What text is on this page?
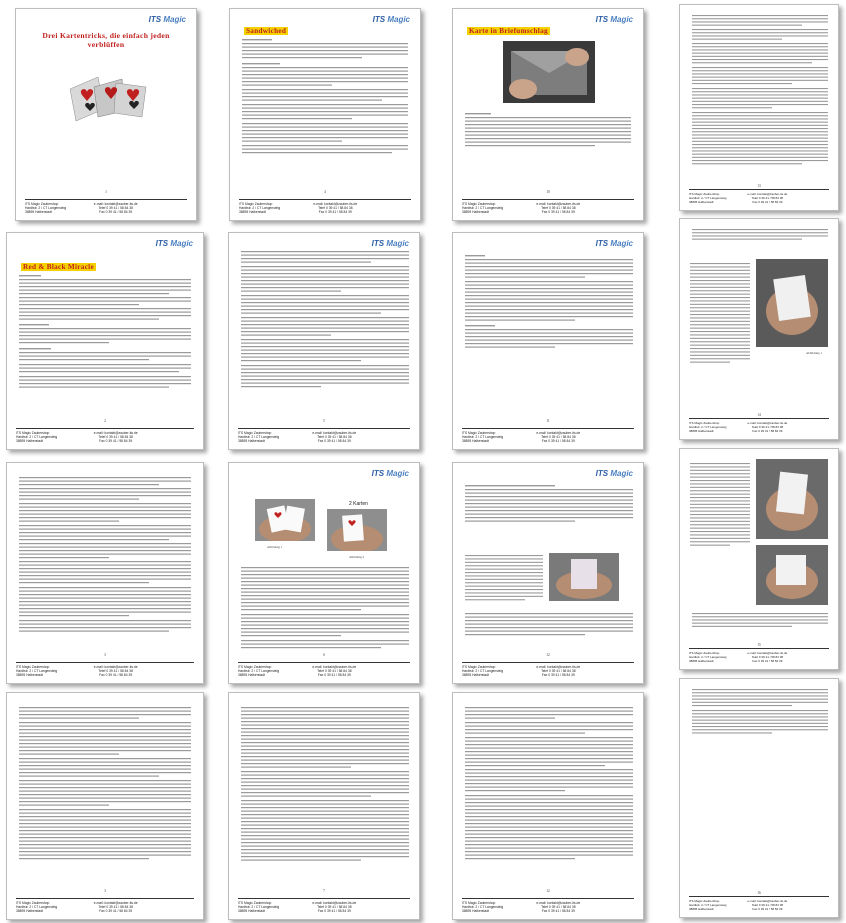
ITS Magic
Drei Kartentricks, die einfach jeden verblüffen
1
ITS Magic Zaubershop
Hardtstr. 2 / CT Langensteig
38895 Halberstadt
e-mail: kontakt@zauber-its.de
Telef 0 39 41 / 58 84 38
Fax 0 39 41 / 58 84 39
ITS Magic
Sandwiched
4
ITS Magic Zaubershop
Hardtstr. 2 / CT Langensteig
38895 Halberstadt
e-mail: kontakt@zauber-its.de
Telef 0 39 41 / 58 84 38
Fax 0 39 41 / 58 84 39
ITS Magic
Karte in Briefumschlag
10
ITS Magic Zaubershop
Hardtstr. 2 / CT Langensteig
38895 Halberstadt
e-mail: kontakt@zauber-its.de
Telef 0 39 41 / 58 84 38
Fax 0 39 41 / 58 84 39
13
ITS Magic Zaubershop
Hardtstr. 2 / CT Langensteig
38895 Halberstadt
e-mail: kontakt@zauber-its.de
Telef 0 39 41 / 58 84 38
Fax 0 39 41 / 58 84 39
ITS Magic
Red & Black Miracle
2
ITS Magic Zaubershop
Hardtstr. 2 / CT Langensteig
38895 Halberstadt
e-mail: kontakt@zauber-its.de
Telef 0 39 41 / 58 84 38
Fax 0 39 41 / 58 84 39
ITS Magic
5
ITS Magic Zaubershop
Hardtstr. 2 / CT Langensteig
38895 Halberstadt
e-mail: kontakt@zauber-its.de
Telef 0 39 41 / 58 84 38
Fax 0 39 41 / 58 84 39
ITS Magic
11
ITS Magic Zaubershop
Hardtstr. 2 / CT Langensteig
38895 Halberstadt
e-mail: kontakt@zauber-its.de
Telef 0 39 41 / 58 84 38
Fax 0 39 41 / 58 84 39
Abbildung 1
14
ITS Magic Zaubershop
Hardtstr. 2 / CT Langensteig
38895 Halberstadt
e-mail: kontakt@zauber-its.de
Telef 0 39 41 / 58 84 38
Fax 0 39 41 / 58 84 39
3
ITS Magic Zaubershop
Hardtstr. 2 / CT Langensteig
38895 Halberstadt
e-mail: kontakt@zauber-its.de
Telef 0 39 41 / 58 84 38
Fax 0 39 41 / 58 84 39
ITS Magic
2 Karten
Abbildung 1
Abbildung 2
6
ITS Magic Zaubershop
Hardtstr. 2 / CT Langensteig
38895 Halberstadt
e-mail: kontakt@zauber-its.de
Telef 0 39 41 / 58 84 38
Fax 0 39 41 / 58 84 39
ITS Magic
12
ITS Magic Zaubershop
Hardtstr. 2 / CT Langensteig
38895 Halberstadt
e-mail: kontakt@zauber-its.de
Telef 0 39 41 / 58 84 38
Fax 0 39 41 / 58 84 39
15
ITS Magic Zaubershop
Hardtstr. 2 / CT Langensteig
38895 Halberstadt
e-mail: kontakt@zauber-its.de
Telef 0 39 41 / 58 84 38
Fax 0 39 41 / 58 84 39
3
ITS Magic Zaubershop
Hardtstr. 2 / CT Langensteig
38895 Halberstadt
e-mail: kontakt@zauber-its.de
Telef 0 39 41 / 58 84 38
Fax 0 39 41 / 58 84 39
7
ITS Magic Zaubershop
Hardtstr. 2 / CT Langensteig
38895 Halberstadt
e-mail: kontakt@zauber-its.de
Telef 0 39 41 / 58 84 38
Fax 0 39 41 / 58 84 39
12
ITS Magic Zaubershop
Hardtstr. 2 / CT Langensteig
38895 Halberstadt
e-mail: kontakt@zauber-its.de
Telef 0 39 41 / 58 84 38
Fax 0 39 41 / 58 84 39
16
ITS Magic Zaubershop
Hardtstr. 2 / CT Langensteig
38895 Halberstadt
e-mail: kontakt@zauber-its.de
Telef 0 39 41 / 58 84 38
Fax 0 39 41 / 58 84 39
